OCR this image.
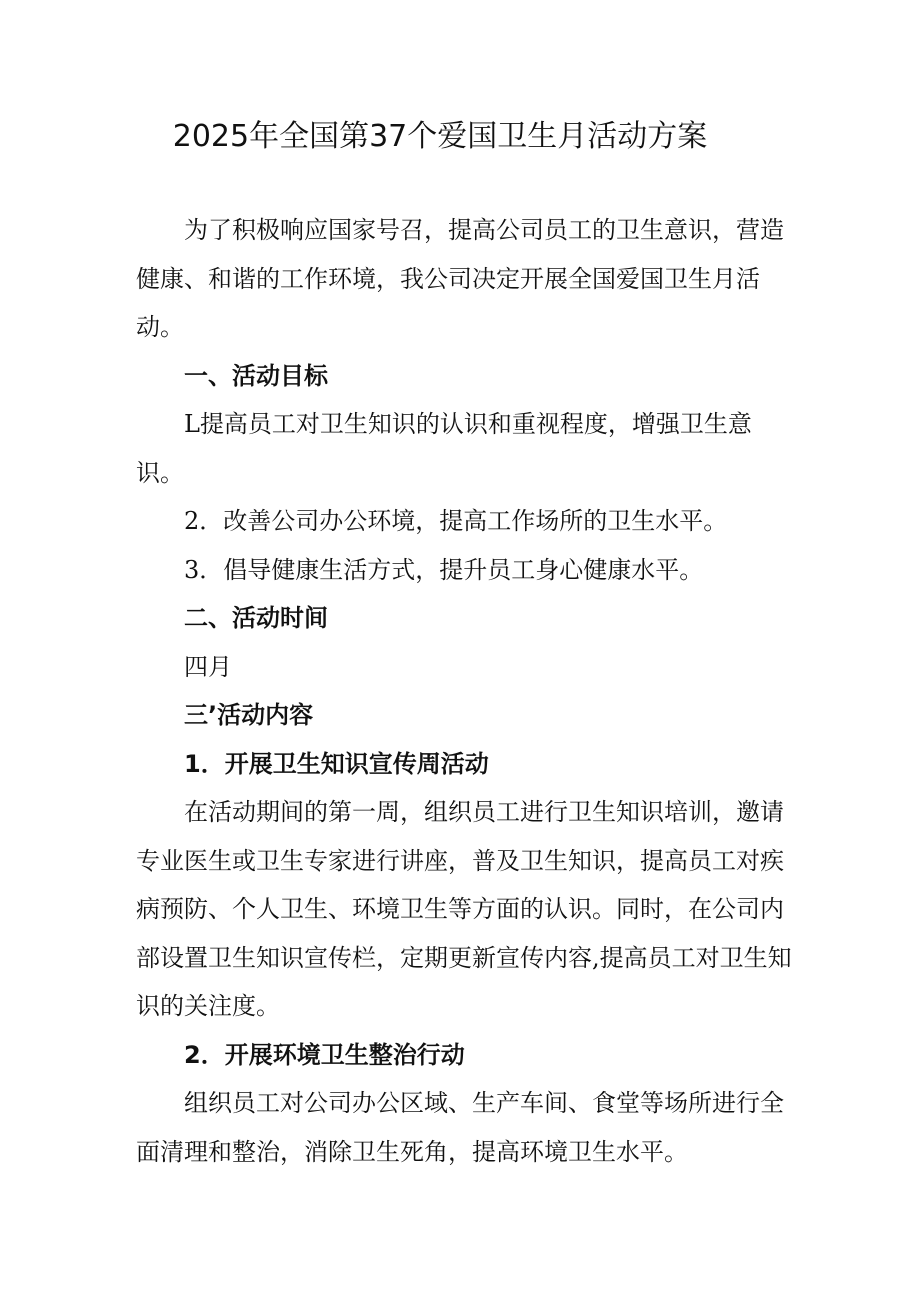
2025年全国第37个爱国卫生月活动方案

为了积极响应国家号召，提高公司员工的卫生意识，营造健康、和谐的工作环境，我公司决定开展全国爱国卫生月活动。

一、活动目标

L提高员工对卫生知识的认识和重视程度，增强卫生意识。

2．改善公司办公环境，提高工作场所的卫生水平。

3．倡导健康生活方式，提升员工身心健康水平。

二、活动时间

四月

三’活动内容

1．开展卫生知识宣传周活动

在活动期间的第一周，组织员工进行卫生知识培训，邀请专业医生或卫生专家进行讲座，普及卫生知识，提高员工对疾病预防、个人卫生、环境卫生等方面的认识。同时，在公司内部设置卫生知识宣传栏，定期更新宣传内容,提高员工对卫生知识的关注度。

2．开展环境卫生整治行动

组织员工对公司办公区域、生产车间、食堂等场所进行全面清理和整治，消除卫生死角，提高环境卫生水平。
